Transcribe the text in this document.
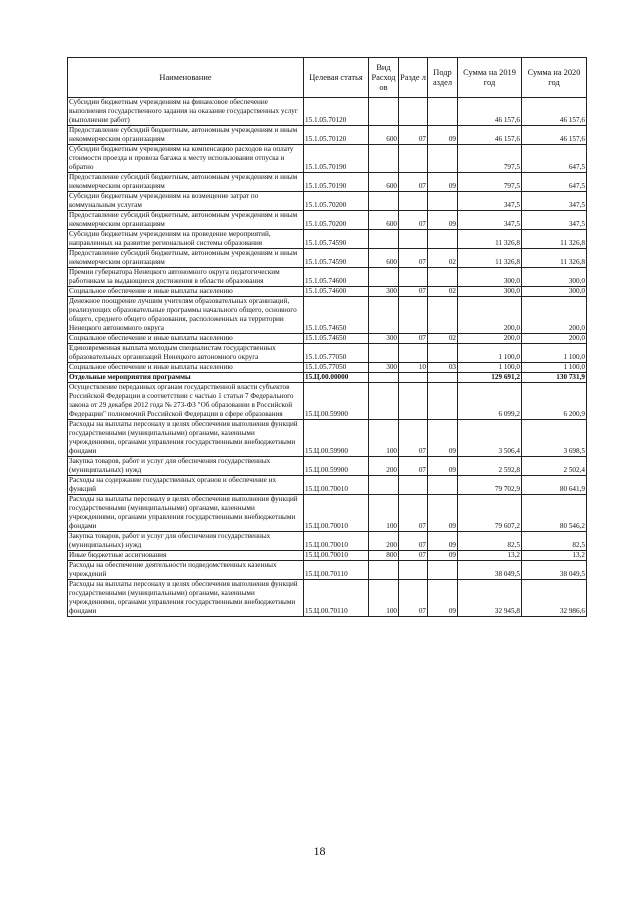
Наименование	Целевая статья	Вид Расход ов	Разде л	Подр аздел	Сумма на 2019 год	Сумма на 2020 год
Субсидии бюджетным учреждениям на финансовое обеспечение выполнения государственного задания на оказание государственных услуг (выполнение работ)	15.1.05.70120				46 157,6	46 157,6
Предоставление субсидий бюджетным, автономным учреждениям и иным некоммерческим организациям	15.1.05.70120	600	07	09	46 157,6	46 157,6
Субсидии бюджетным учреждениям на компенсацию расходов на оплату стоимости проезда и провоза багажа к месту использования отпуска и обратно	15.1.05.70190				797,5	647,5
Предоставление субсидий бюджетным, автономным учреждениям и иным некоммерческим организациям	15.1.05.70190	600	07	09	797,5	647,5
Субсидии бюджетным учреждениям на возмещение затрат по коммунальным услугам	15.1.05.70200				347,5	347,5
Предоставление субсидий бюджетным, автономным учреждениям и иным некоммерческим организациям	15.1.05.70200	600	07	09	347,5	347,5
Субсидии бюджетным учреждениям на проведение мероприятий, направленных на развитие региональной системы образования	15.1.05.74590				11 326,8	11 326,8
Предоставление субсидий бюджетным, автономным учреждениям и иным некоммерческим организациям	15.1.05.74590	600	07	02	11 326,8	11 326,8
Премии губернатора Ненецкого автономного округа педагогическим работникам за выдающиеся достижения в области образования	15.1.05.74600				300,0	300,0
Социальное обеспечение и иные выплаты населению	15.1.05.74600	300	07	02	300,0	300,0
Денежное поощрение лучшим учителям образовательных организаций, реализующих образовательные программы начального общего, основного общего, среднего общего образования, расположенных на территории Ненецкого автономного округа	15.1.05.74650				200,0	200,0
Социальное обеспечение и иные выплаты населению	15.1.05.74650	300	07	02	200,0	200,0
Единовременная выплата молодым специалистам государственных образовательных организаций Ненецкого автономного округа	15.1.05.77050				1 100,0	1 100,0
Социальное обеспечение и иные выплаты населению	15.1.05.77050	300	10	03	1 100,0	1 100,0
Отдельные мероприятия программы	15.Ц.00.00000				129 691,2	130 731,9
Осуществление переданных органам государственной власти субъектов Российской Федерации в соответствии с частью 1 статьи 7 Федерального закона от 29 декабря 2012 года № 273-ФЗ "Об образовании в Российской Федерации" полномочий Российской Федерации в сфере образования	15.Ц.00.59900				6 099,2	6 200,9
Расходы на выплаты персоналу в целях обеспечения выполнения функций государственными (муниципальными) органами, казенными учреждениями, органами управления государственными внебюджетными фондами	15.Ц.00.59900	100	07	09	3 506,4	3 698,5
Закупка товаров, работ и услуг для обеспечения государственных (муниципальных) нужд	15.Ц.00.59900	200	07	09	2 592,8	2 502,4
Расходы на содержание государственных органов и обеспечение их функций	15.Ц.00.70010				79 702,9	80 641,9
Расходы на выплаты персоналу в целях обеспечения выполнения функций государственными (муниципальными) органами, казенными учреждениями, органами управления государственными внебюджетными фондами	15.Ц.00.70010	100	07	09	79 607,2	80 546,2
Закупка товаров, работ и услуг для обеспечения государственных (муниципальных) нужд	15.Ц.00.70010	200	07	09	82,5	82,5
Иные бюджетные ассигнования	15.Ц.00.70010	800	07	09	13,2	13,2
Расходы на обеспечение деятельности подведомственных казенных учреждений	15.Ц.00.70110				38 049,5	38 049,5
Расходы на выплаты персоналу в целях обеспечения выполнения функций государственными (муниципальными) органами, казенными учреждениями, органами управления государственными внебюджетными фондами	15.Ц.00.70110	100	07	09	32 945,8	32 986,6
18
